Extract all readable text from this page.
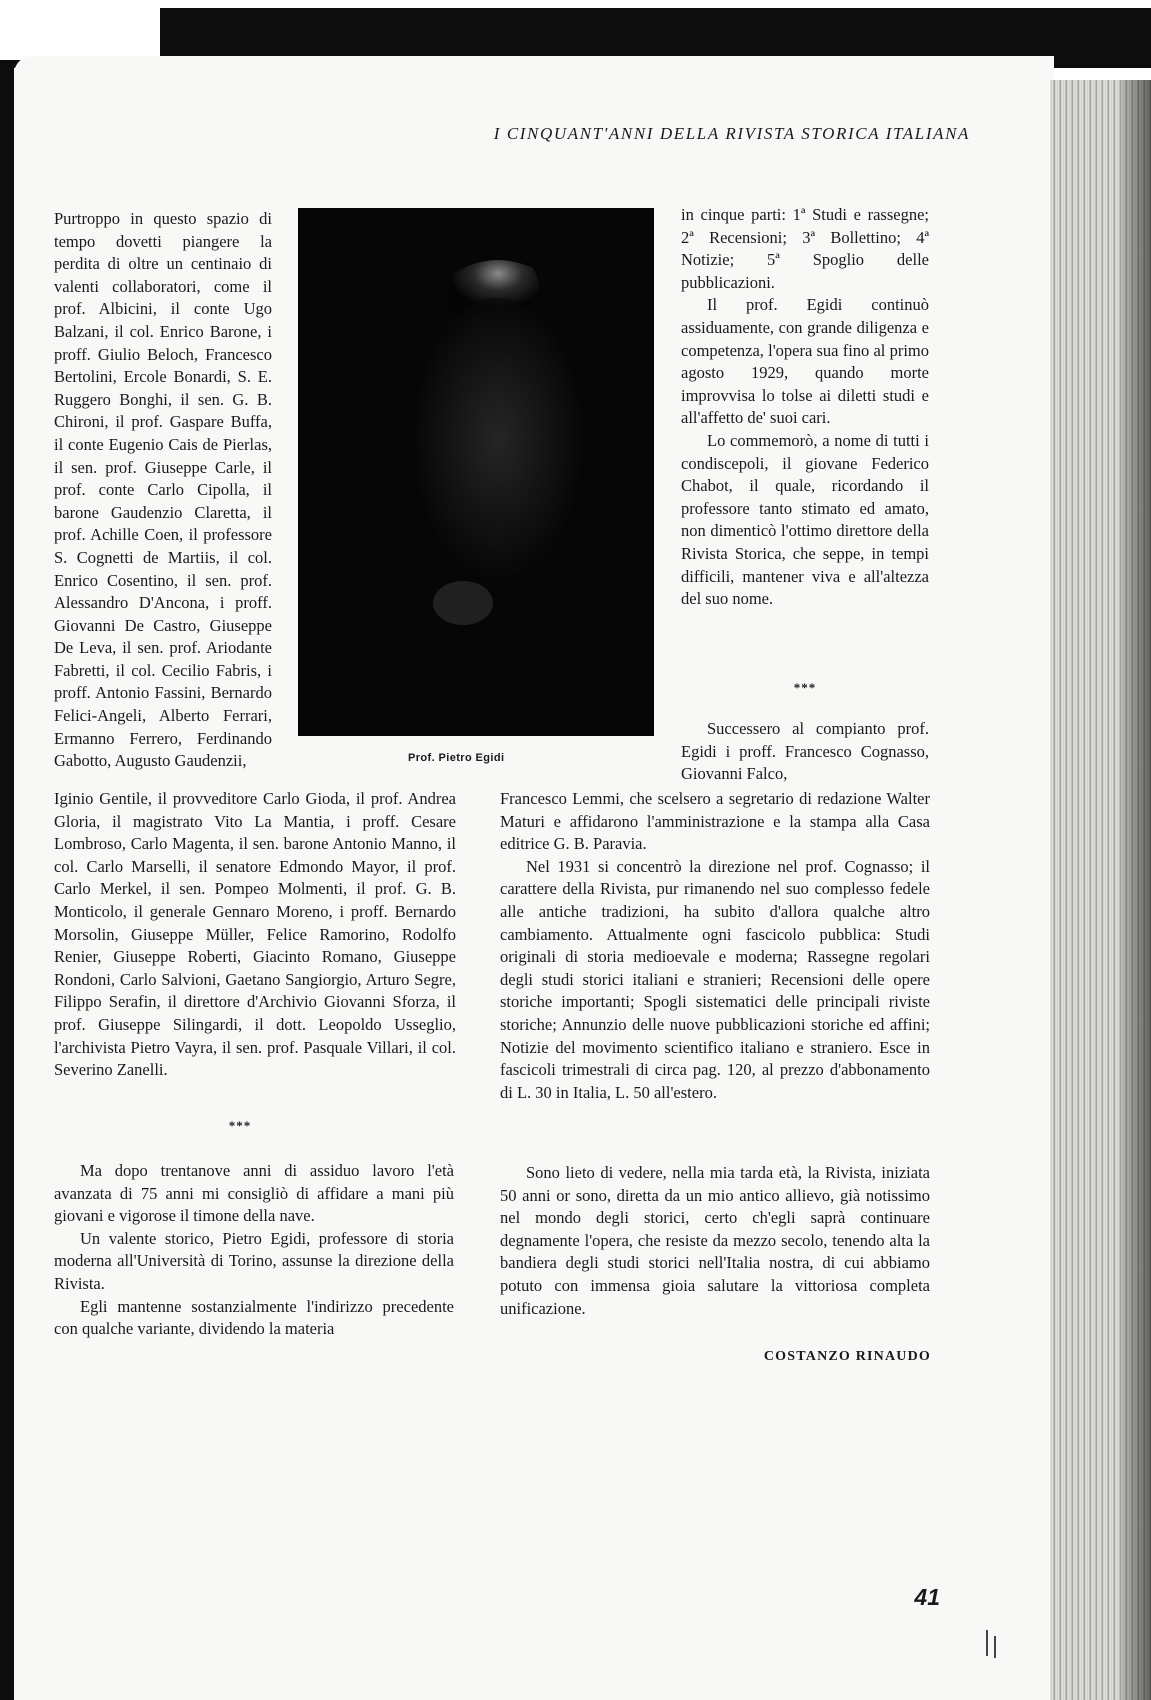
I CINQUANT'ANNI DELLA RIVISTA STORICA ITALIANA

Purtroppo in questo spazio di tempo dovetti piangere la perdita di oltre un centinaio di valenti collaboratori, come il prof. Albicini, il conte Ugo Balzani, il col. Enrico Barone, i proff. Giulio Beloch, Francesco Bertolini, Ercole Bonardi, S. E. Ruggero Bonghi, il sen. G. B. Chironi, il prof. Gaspare Buffa, il conte Eugenio Cais de Pierlas, il sen. prof. Giuseppe Carle, il prof. conte Carlo Cipolla, il barone Gaudenzio Claretta, il prof. Achille Coen, il professore S. Cognetti de Martiis, il col. Enrico Cosentino, il sen. prof. Alessandro D'Ancona, i proff. Giovanni De Castro, Giuseppe De Leva, il sen. prof. Ariodante Fabretti, il col. Cecilio Fabris, i proff. Antonio Fassini, Bernardo Felici-Angeli, Alberto Ferrari, Ermanno Ferrero, Ferdinando Gabotto, Augusto Gaudenzii,	Prof. Pietro Egidi

in cinque parti: 1ª Studi e rassegne; 2ª Recensioni; 3ª Bollettino; 4ª Notizie; 5ª Spoglio delle pubblicazioni.

Il prof. Egidi continuò assiduamente, con grande diligenza e competenza, l'opera sua fino al primo agosto 1929, quando morte improvvisa lo tolse ai diletti studi e all'affetto de' suoi cari.

Lo commemorò, a nome di tutti i condiscepoli, il giovane Federico Chabot, il quale, ricordando il professore tanto stimato ed amato, non dimenticò l'ottimo direttore della Rivista Storica, che seppe, in tempi difficili, mantener viva e all'altezza del suo nome.

***

Successero al compianto prof. Egidi i proff. Francesco Cognasso, Giovanni Falco,

Iginio Gentile, il provveditore Carlo Gioda, il prof. Andrea Gloria, il magistrato Vito La Mantia, i proff. Cesare Lombroso, Carlo Magenta, il sen. barone Antonio Manno, il col. Carlo Marselli, il senatore Edmondo Mayor, il prof. Carlo Merkel, il sen. Pompeo Molmenti, il prof. G. B. Monticolo, il generale Gennaro Moreno, i proff. Bernardo Morsolin, Giuseppe Müller, Felice Ramorino, Rodolfo Renier, Giuseppe Roberti, Giacinto Romano, Giuseppe Rondoni, Carlo Salvioni, Gaetano Sangiorgio, Arturo Segre, Filippo Serafin, il direttore d'Archivio Giovanni Sforza, il prof. Giuseppe Silingardi, il dott. Leopoldo Usseglio, l'archivista Pietro Vayra, il sen. prof. Pasquale Villari, il col. Severino Zanelli.

***

Francesco Lemmi, che scelsero a segretario di redazione Walter Maturi e affidarono l'amministrazione e la stampa alla Casa editrice G. B. Paravia.

Nel 1931 si concentrò la direzione nel prof. Cognasso; il carattere della Rivista, pur rimanendo nel suo complesso fedele alle antiche tradizioni, ha subito d'allora qualche altro cambiamento. Attualmente ogni fascicolo pubblica: Studi originali di storia medioevale e moderna; Rassegne regolari degli studi storici italiani e stranieri; Recensioni delle opere storiche importanti; Spogli sistematici delle principali riviste storiche; Annunzio delle nuove pubblicazioni storiche ed affini; Notizie del movimento scientifico italiano e straniero. Esce in fascicoli trimestrali di circa pag. 120, al prezzo d'abbonamento di L. 30 in Italia, L. 50 all'estero.

Ma dopo trentanove anni di assiduo lavoro l'età avanzata di 75 anni mi consigliò di affidare a mani più giovani e vigorose il timone della nave.

Un valente storico, Pietro Egidi, professore di storia moderna all'Università di Torino, assunse la direzione della Rivista.

Egli mantenne sostanzialmente l'indirizzo precedente con qualche variante, dividendo la materia

Sono lieto di vedere, nella mia tarda età, la Rivista, iniziata 50 anni or sono, diretta da un mio antico allievo, già notissimo nel mondo degli storici, certo ch'egli saprà continuare degnamente l'opera, che resiste da mezzo secolo, tenendo alta la bandiera degli studi storici nell'Italia nostra, di cui abbiamo potuto con immensa gioia salutare la vittoriosa completa unificazione.

COSTANZO RINAUDO
41
